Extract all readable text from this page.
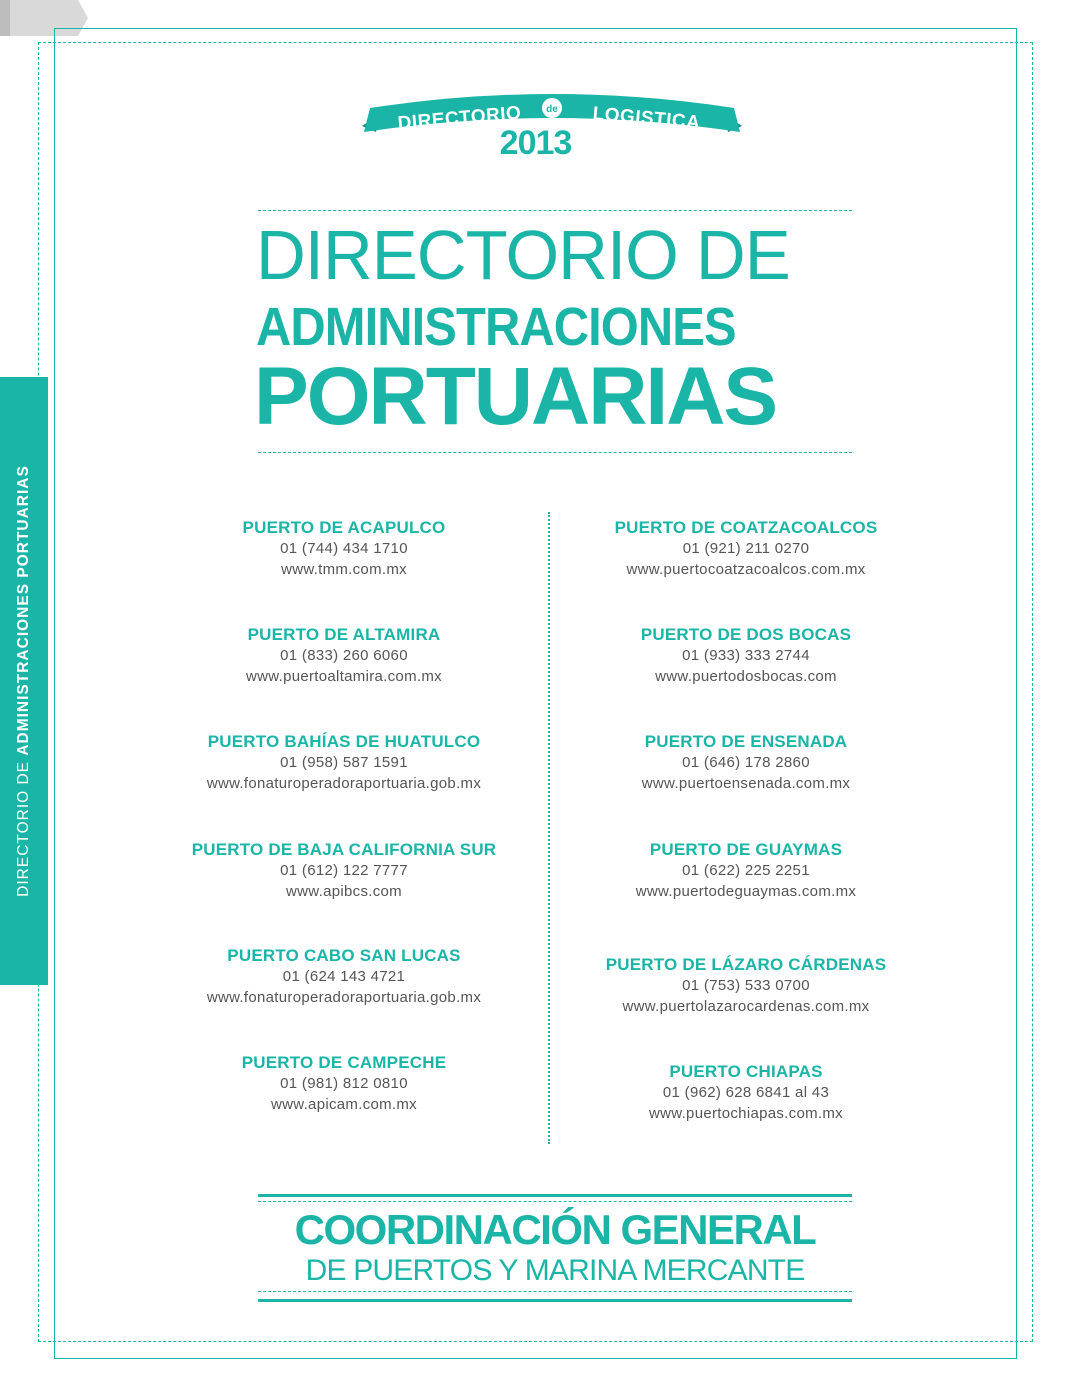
DIRECTORIO DE ADMINISTRACIONES PORTUARIAS
DIRECTORIO de LOGISTICA
2013
DIRECTORIO DE
ADMINISTRACIONES
PORTUARIAS
PUERTO DE ACAPULCO
01 (744) 434 1710
www.tmm.com.mx
PUERTO DE ALTAMIRA
01 (833) 260 6060
www.puertoaltamira.com.mx
PUERTO BAHÍAS DE HUATULCO
01 (958) 587 1591
www.fonaturoperadoraportuaria.gob.mx
PUERTO DE BAJA CALIFORNIA SUR
01 (612) 122 7777
www.apibcs.com
PUERTO CABO SAN LUCAS
01 (624 143 4721
www.fonaturoperadoraportuaria.gob.mx
PUERTO DE CAMPECHE
01 (981) 812 0810
www.apicam.com.mx
PUERTO DE COATZACOALCOS
01 (921) 211 0270
www.puertocoatzacoalcos.com.mx
PUERTO DE DOS BOCAS
01 (933) 333 2744
www.puertodosbocas.com
PUERTO DE ENSENADA
01 (646) 178 2860
www.puertoensenada.com.mx
PUERTO DE GUAYMAS
01 (622) 225 2251
www.puertodeguaymas.com.mx
PUERTO DE LÁZARO CÁRDENAS
01 (753) 533 0700
www.puertolazarocardenas.com.mx
PUERTO CHIAPAS
01 (962) 628 6841 al 43
www.puertochiapas.com.mx
COORDINACIÓN GENERAL
DE PUERTOS Y MARINA MERCANTE
